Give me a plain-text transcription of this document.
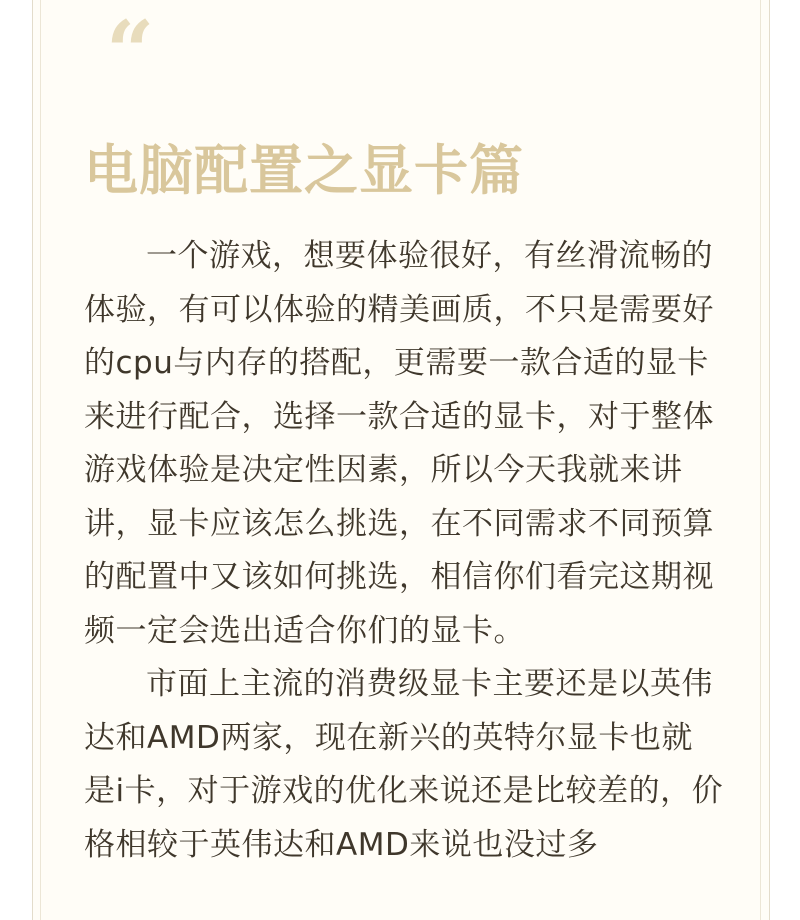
“
电脑配置之显卡篇

一个游戏，想要体验很好，有丝滑流畅的体验，有可以体验的精美画质，不只是需要好的cpu与内存的搭配，更需要一款合适的显卡来进行配合，选择一款合适的显卡，对于整体游戏体验是决定性因素，所以今天我就来讲讲，显卡应该怎么挑选，在不同需求不同预算的配置中又该如何挑选，相信你们看完这期视频一定会选出适合你们的显卡。

市面上主流的消费级显卡主要还是以英伟达和AMD两家，现在新兴的英特尔显卡也就是i卡，对于游戏的优化来说还是比较差的，价格相较于英伟达和AMD来说也没过多
